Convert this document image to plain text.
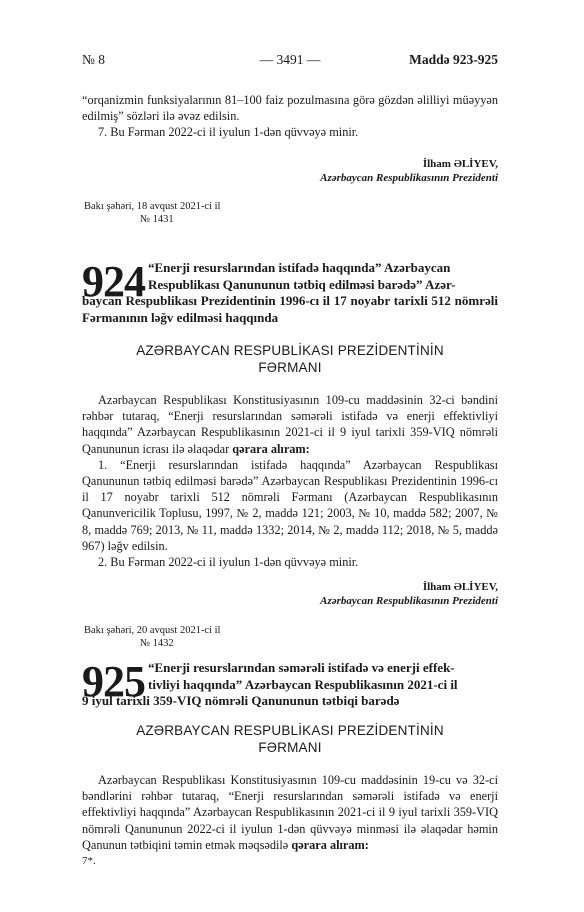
№ 8	— 3491 —	Maddə 923-925

“orqanizmin funksiyalarının 81–100 faiz pozulmasına görə gözdən əlilliyi müəyyən edilmiş” sözləri ilə əvəz edilsin.

7. Bu Fərman 2022-ci il iyulun 1-dən qüvvəyə minir.

İlham ƏLİYEV,
Azərbaycan Respublikasının Prezidenti
Bakı şəhəri, 18 avqust 2021-ci il
№ 1431
924 “Enerji resurslarından istifadə haqqında” Azərbaycan
Respublikası Qanununun tətbiq edilməsi barədə” Azər-
baycan Respublikası Prezidentinin 1996-cı il 17 noyabr tarixli 512 nömrəli Fərmanının ləğv edilməsi haqqında
AZƏRBAYCAN RESPUBLİKASI PREZİDENTİNİN
FƏRMANI

Azərbaycan Respublikası Konstitusiyasının 109-cu maddəsinin 32-ci bəndini rəhbər tutaraq, “Enerji resurslarından səmərəli istifadə və enerji effektivliyi haqqında” Azərbaycan Respublikasının 2021-ci il 9 iyul tarixli 359-VIQ nömrəli Qanununun icrası ilə əlaqədar qərara alıram:

1. “Enerji resurslarından istifadə haqqında” Azərbaycan Respublikası Qanununun tətbiq edilməsi barədə” Azərbaycan Respublikası Prezidentinin 1996-cı il 17 noyabr tarixli 512 nömrəli Fərmanı (Azərbaycan Respublikasının Qanunvericilik Toplusu, 1997, № 2, maddə 121; 2003, № 10, maddə 582; 2007, № 8, maddə 769; 2013, № 11, maddə 1332; 2014, № 2, maddə 112; 2018, № 5, maddə 967) ləğv edilsin.

2. Bu Fərman 2022-ci il iyulun 1-dən qüvvəyə minir.

İlham ƏLİYEV,
Azərbaycan Respublikasının Prezidenti
Bakı şəhəri, 20 avqust 2021-ci il
№ 1432
925 “Enerji resurslarından səmərəli istifadə və enerji effek-
tivliyi haqqında” Azərbaycan Respublikasının 2021-ci il
9 iyul tarixli 359-VIQ nömrəli Qanununun tətbiqi barədə
AZƏRBAYCAN RESPUBLİKASI PREZİDENTİNİN
FƏRMANI

Azərbaycan Respublikası Konstitusiyasının 109-cu maddəsinin 19-cu və 32-ci bəndlərini rəhbər tutaraq, “Enerji resurslarından səmərəli istifadə və enerji effektivliyi haqqında” Azərbaycan Respublikasının 2021-ci il 9 iyul tarixli 359-VIQ nömrəli Qanununun 2022-ci il iyulun 1-dən qüvvəyə minməsi ilə əlaqədar həmin Qanunun tətbiqini təmin etmək məqsədilə qərara alıram:

7*.
